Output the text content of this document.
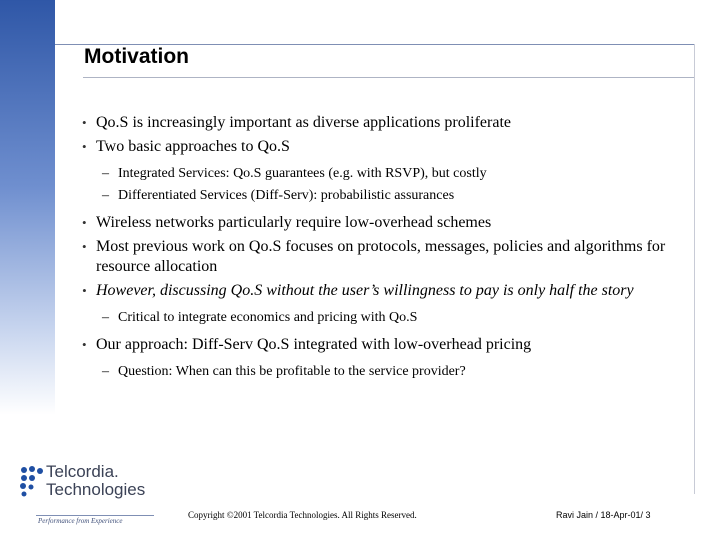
Motivation
• Qo.S is increasingly important as diverse applications proliferate
• Two basic approaches to Qo.S
– Integrated Services: Qo.S guarantees (e.g. with RSVP), but costly
– Differentiated Services (Diff-Serv): probabilistic assurances
• Wireless networks particularly require low-overhead schemes
• Most previous work on Qo.S focuses on protocols, messages, policies and algorithms for resource allocation
• However, discussing Qo.S without the user’s willingness to pay is only half the story
– Critical to integrate economics and pricing with Qo.S
• Our approach: Diff-Serv Qo.S integrated with low-overhead pricing
– Question: When can this be profitable to the service provider?
Telcordia.
Technologies
Performance from Experience
Copyright ©2001 Telcordia Technologies. All Rights Reserved.	Ravi Jain / 18-Apr-01/ 3
